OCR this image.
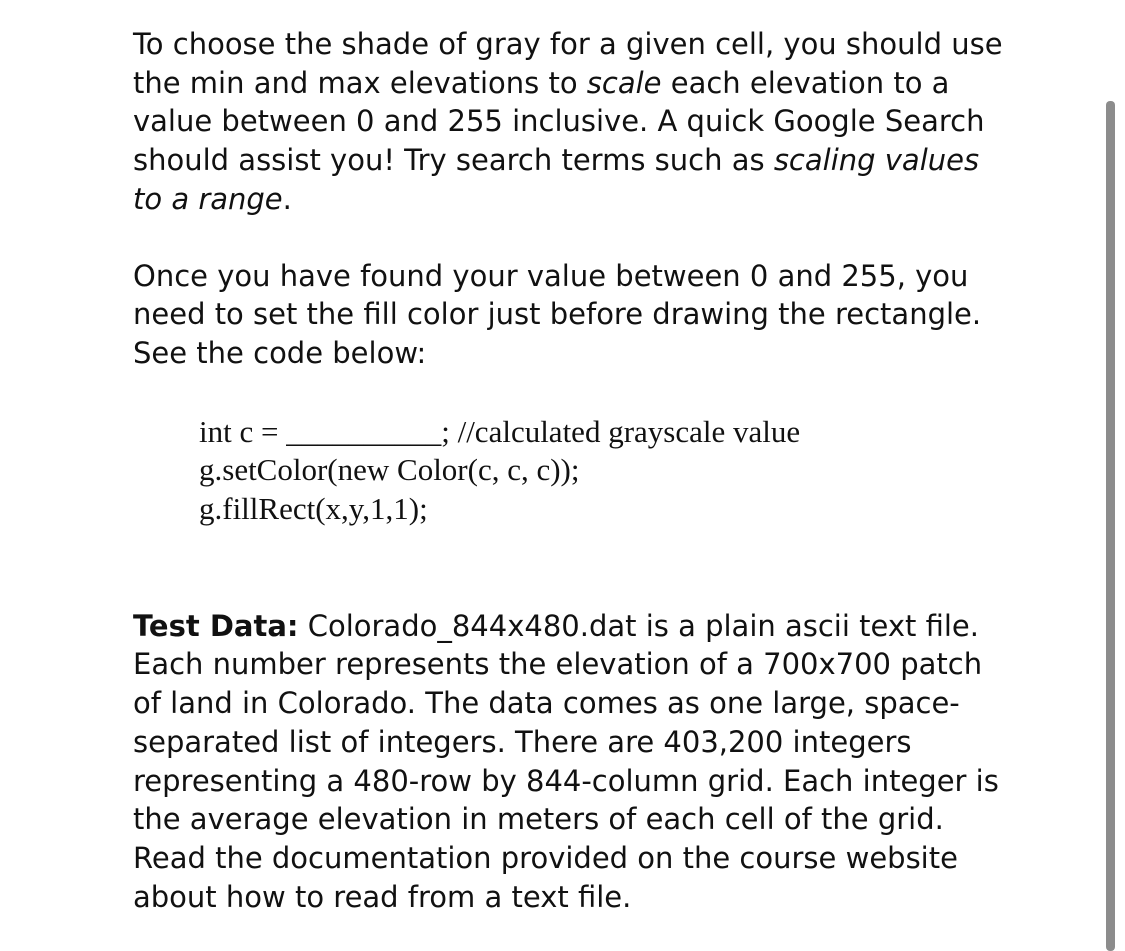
To choose the shade of gray for a given cell, you should use the min and max elevations to scale each elevation to a value between 0 and 255 inclusive. A quick Google Search should assist you! Try search terms such as scaling values to a range.

Once you have found your value between 0 and 255, you need to set the fill color just before drawing the rectangle. See the code below:

int c = __________; //calculated grayscale value
g.setColor(new Color(c, c, c));
g.fillRect(x,y,1,1);

Test Data: Colorado_844x480.dat is a plain ascii text file. Each number represents the elevation of a 700x700 patch of land in Colorado. The data comes as one large, space-separated list of integers. There are 403,200 integers representing a 480-row by 844-column grid. Each integer is the average elevation in meters of each cell of the grid. Read the documentation provided on the course website about how to read from a text file.
